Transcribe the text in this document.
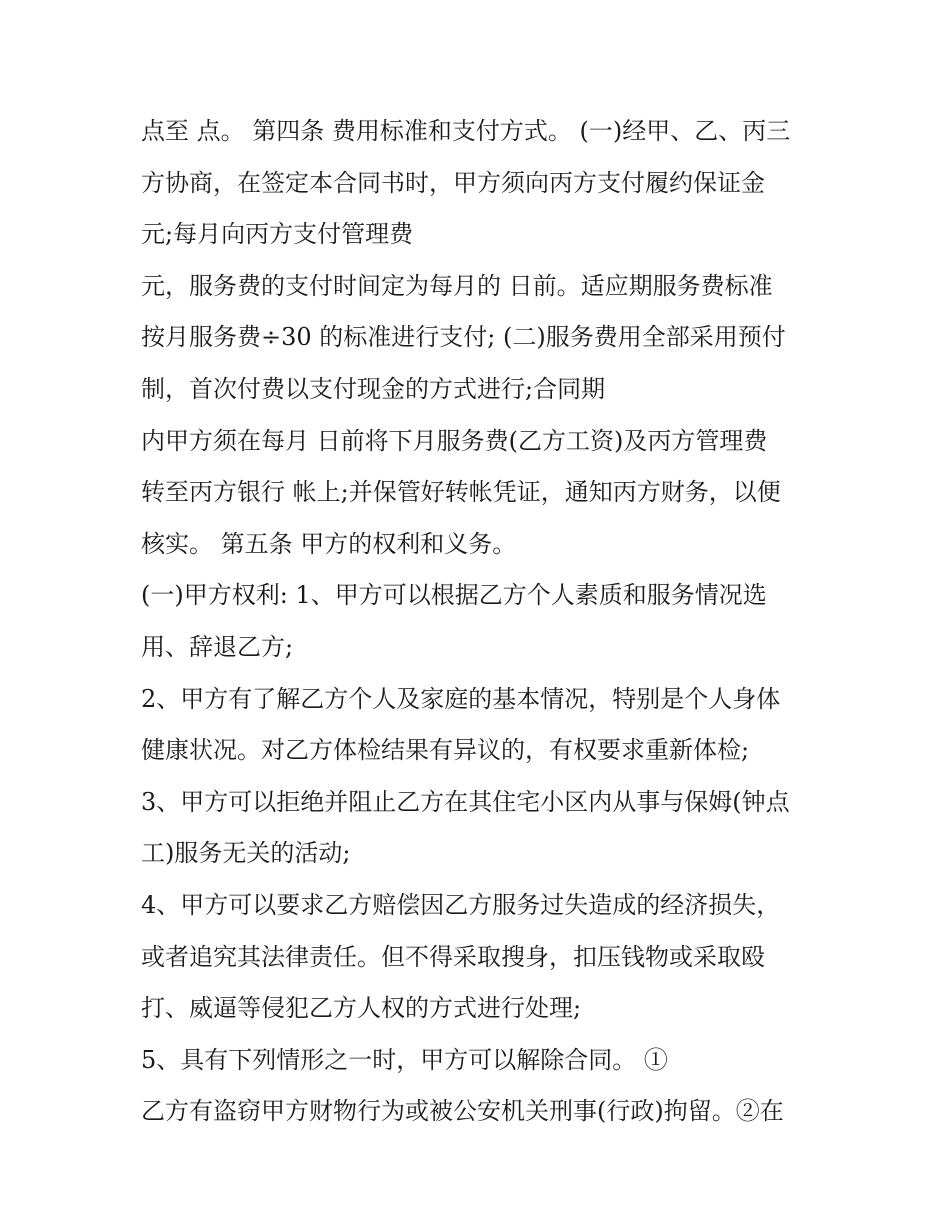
点至 点。 第四条 费用标准和支付方式。 (一)经甲、乙、丙三
方协商，在签定本合同书时，甲方须向丙方支付履约保证金
元;每月向丙方支付管理费
元，服务费的支付时间定为每月的 日前。适应期服务费标准
按月服务费÷30 的标准进行支付; (二)服务费用全部采用预付
制，首次付费以支付现金的方式进行;合同期
内甲方须在每月 日前将下月服务费(乙方工资)及丙方管理费
转至丙方银行 帐上;并保管好转帐凭证，通知丙方财务，以便
核实。 第五条 甲方的权利和义务。
(一)甲方权利: 1、甲方可以根据乙方个人素质和服务情况选
用、辞退乙方;
2、甲方有了解乙方个人及家庭的基本情况，特别是个人身体
健康状况。对乙方体检结果有异议的，有权要求重新体检;
3、甲方可以拒绝并阻止乙方在其住宅小区内从事与保姆(钟点
工)服务无关的活动;
4、甲方可以要求乙方赔偿因乙方服务过失造成的经济损失，
或者追究其法律责任。但不得采取搜身，扣压钱物或采取殴
打、威逼等侵犯乙方人权的方式进行处理;
5、具有下列情形之一时，甲方可以解除合同。 ①
乙方有盗窃甲方财物行为或被公安机关刑事(行政)拘留。②在
